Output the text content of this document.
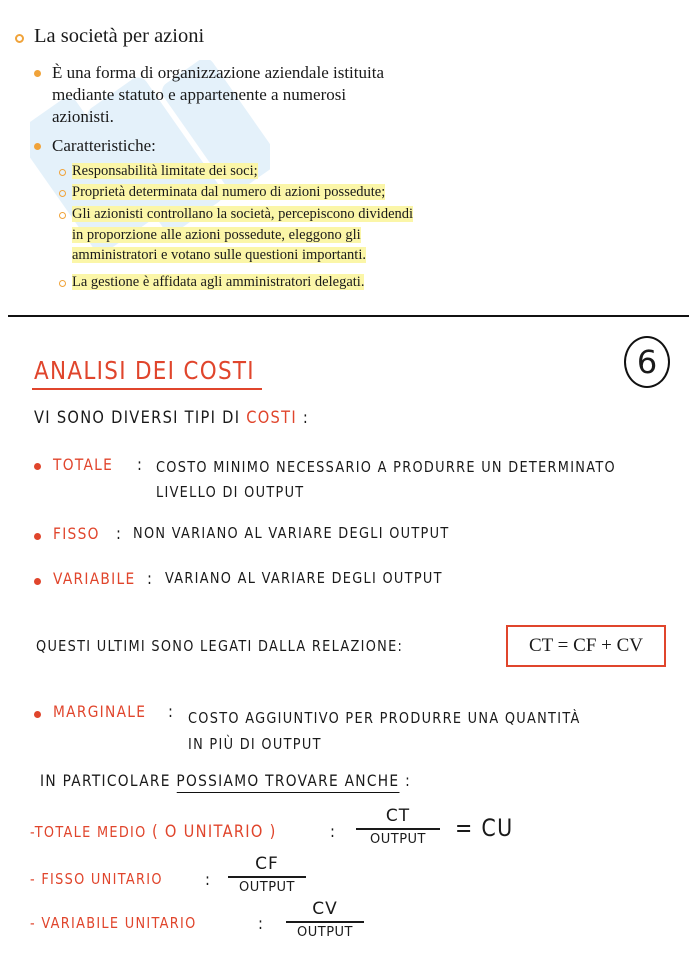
La società per azioni
È una forma di organizzazione aziendale istituita
mediante statuto e appartenente a numerosi
azionisti.
Caratteristiche:
Responsabilità limitate dei soci;
Proprietà determinata dal numero di azioni possedute;
Gli azionisti controllano la società, percepiscono dividendi
in proporzione alle azioni possedute, eleggono gli
amministratori e votano sulle questioni importanti.
La gestione è affidata agli amministratori delegati.
6
ANALISI DEI COSTI
VI SONO DIVERSI TIPI DI COSTI :
TOTALE : COSTO MINIMO NECESSARIO A PRODURRE UN DETERMINATO
LIVELLO DI OUTPUT
FISSO : NON VARIANO AL VARIARE DEGLI OUTPUT
VARIABILE : VARIANO AL VARIARE DEGLI OUTPUT
QUESTI ULTIMI SONO LEGATI DALLA RELAZIONE:	CT = CF + CV
MARGINALE : COSTO AGGIUNTIVO PER PRODURRE UNA QUANTITÀ
IN PIÙ DI OUTPUT
IN PARTICOLARE POSSIAMO TROVARE ANCHE :
-TOTALE MEDIO ( O UNITARIO )	:
CT
OUTPUT	= CU
- FISSO UNITARIO :
CF
OUTPUT
- VARIABILE UNITARIO	:
CV
OUTPUT
